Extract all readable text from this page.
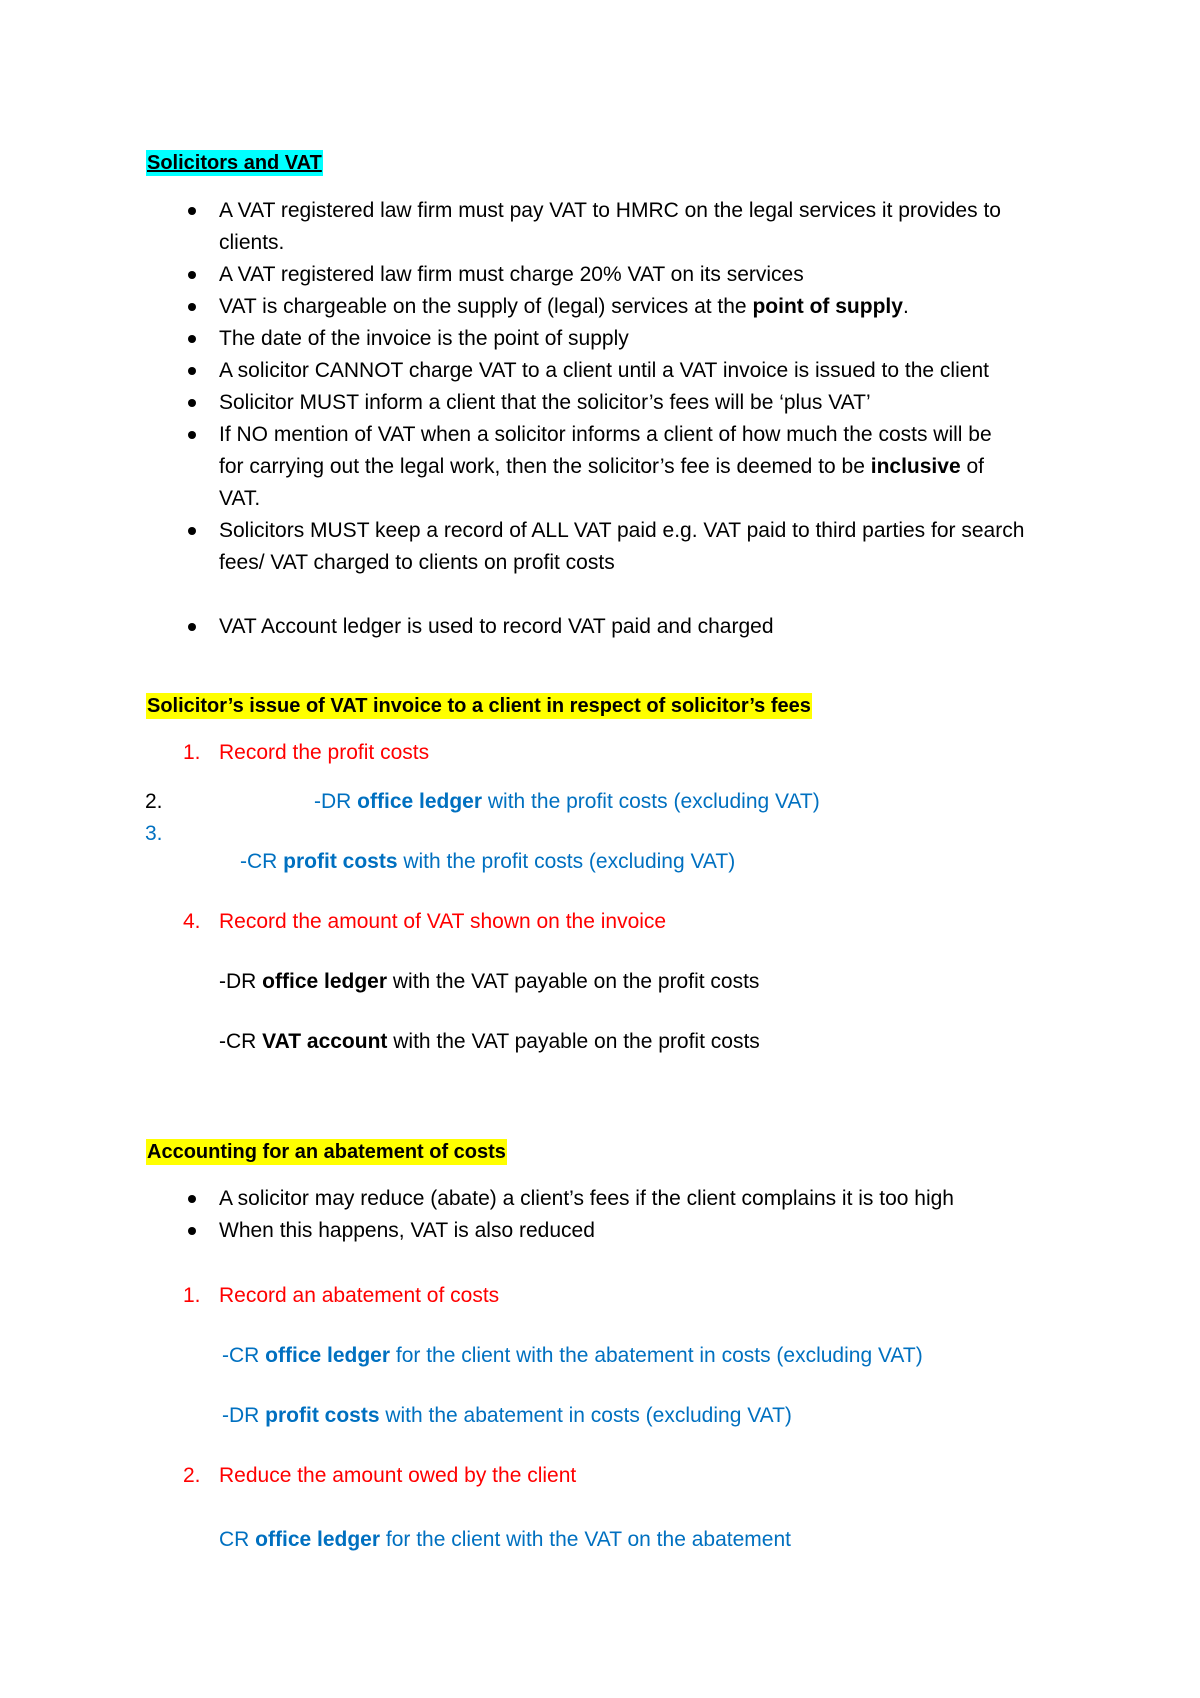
Solicitors and VAT
A VAT registered law firm must pay VAT to HMRC on the legal services it provides to
clients.
A VAT registered law firm must charge 20% VAT on its services
VAT is chargeable on the supply of (legal) services at the point of supply.
The date of the invoice is the point of supply
A solicitor CANNOT charge VAT to a client until a VAT invoice is issued to the client
Solicitor MUST inform a client that the solicitor’s fees will be ‘plus VAT’
If NO mention of VAT when a solicitor informs a client of how much the costs will be
for carrying out the legal work, then the solicitor’s fee is deemed to be inclusive of
VAT.
Solicitors MUST keep a record of ALL VAT paid e.g. VAT paid to third parties for search
fees/ VAT charged to clients on profit costs
VAT Account ledger is used to record VAT paid and charged
Solicitor’s issue of VAT invoice to a client in respect of solicitor’s fees
1. Record the profit costs
2.	-DR office ledger with the profit costs (excluding VAT)
3.
-CR profit costs with the profit costs (excluding VAT)
4. Record the amount of VAT shown on the invoice
-DR office ledger with the VAT payable on the profit costs
-CR VAT account with the VAT payable on the profit costs
Accounting for an abatement of costs
A solicitor may reduce (abate) a client’s fees if the client complains it is too high
When this happens, VAT is also reduced
1. Record an abatement of costs
-CR office ledger for the client with the abatement in costs (excluding VAT)
-DR profit costs with the abatement in costs (excluding VAT)
2. Reduce the amount owed by the client
CR office ledger for the client with the VAT on the abatement
